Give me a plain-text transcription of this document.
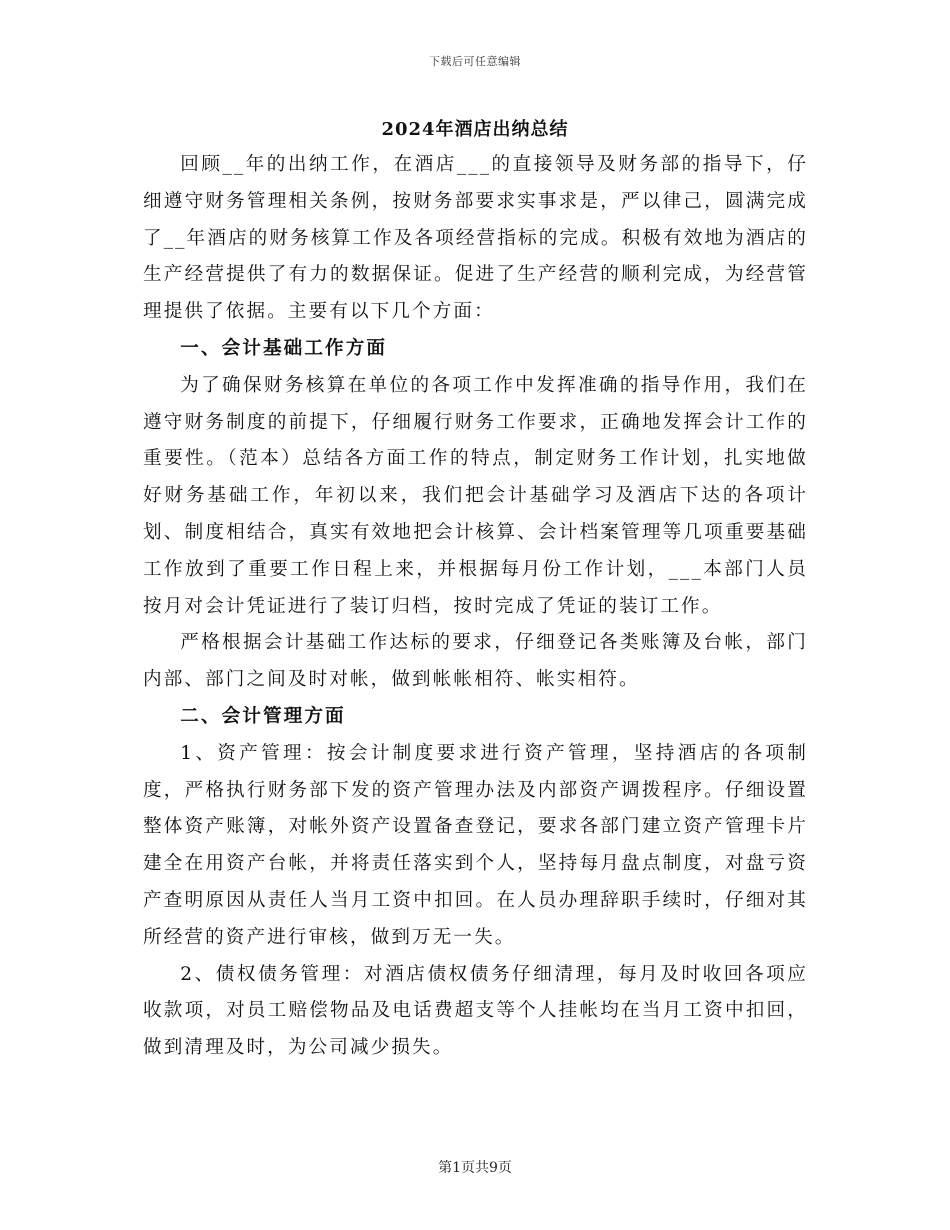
下载后可任意编辑
2024年酒店出纳总结

回顾__年的出纳工作，在酒店___的直接领导及财务部的指导下，仔细遵守财务管理相关条例，按财务部要求实事求是，严以律己，圆满完成了__年酒店的财务核算工作及各项经营指标的完成。积极有效地为酒店的生产经营提供了有力的数据保证。促进了生产经营的顺利完成，为经营管理提供了依据。主要有以下几个方面：

一、会计基础工作方面

为了确保财务核算在单位的各项工作中发挥准确的指导作用，我们在遵守财务制度的前提下，仔细履行财务工作要求，正确地发挥会计工作的重要性。（范本）总结各方面工作的特点，制定财务工作计划，扎实地做好财务基础工作，年初以来，我们把会计基础学习及酒店下达的各项计划、制度相结合，真实有效地把会计核算、会计档案管理等几项重要基础工作放到了重要工作日程上来，并根据每月份工作计划，___本部门人员按月对会计凭证进行了装订归档，按时完成了凭证的装订工作。

严格根据会计基础工作达标的要求，仔细登记各类账簿及台帐，部门内部、部门之间及时对帐，做到帐帐相符、帐实相符。

二、会计管理方面

1、资产管理：按会计制度要求进行资产管理，坚持酒店的各项制度，严格执行财务部下发的资产管理办法及内部资产调拨程序。仔细设置整体资产账簿，对帐外资产设置备查登记，要求各部门建立资产管理卡片建全在用资产台帐，并将责任落实到个人，坚持每月盘点制度，对盘亏资产查明原因从责任人当月工资中扣回。在人员办理辞职手续时，仔细对其所经营的资产进行审核，做到万无一失。

2、债权债务管理：对酒店债权债务仔细清理，每月及时收回各项应收款项，对员工赔偿物品及电话费超支等个人挂帐均在当月工资中扣回，做到清理及时，为公司减少损失。

第1页共9页
